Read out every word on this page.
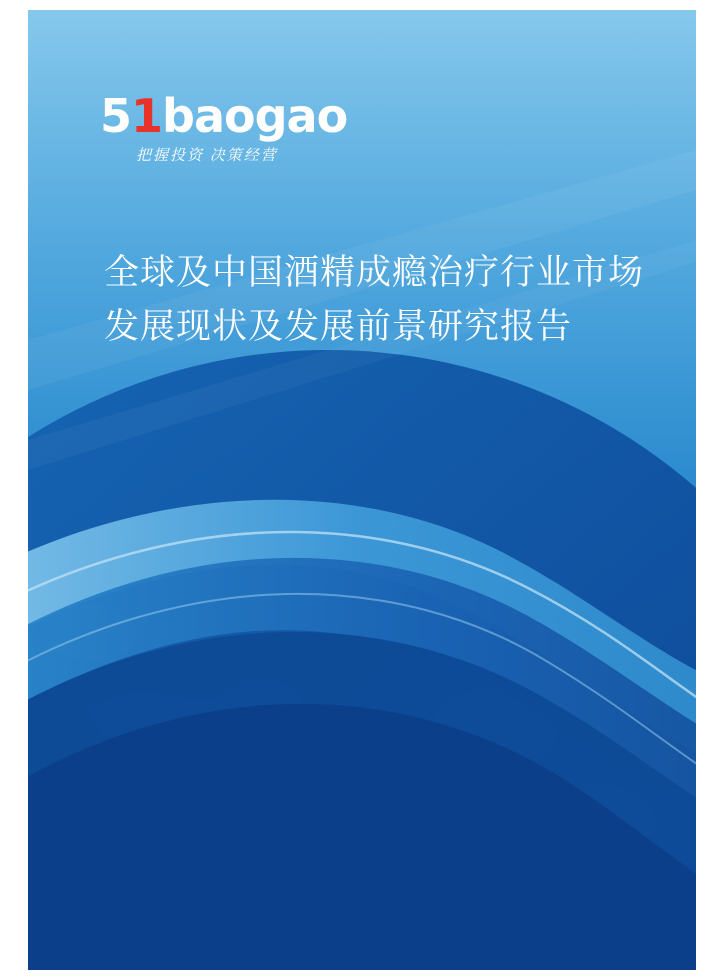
51baogao
把握投资 决策经营
全球及中国酒精成瘾治疗行业市场发展现状及发展前景研究报告
